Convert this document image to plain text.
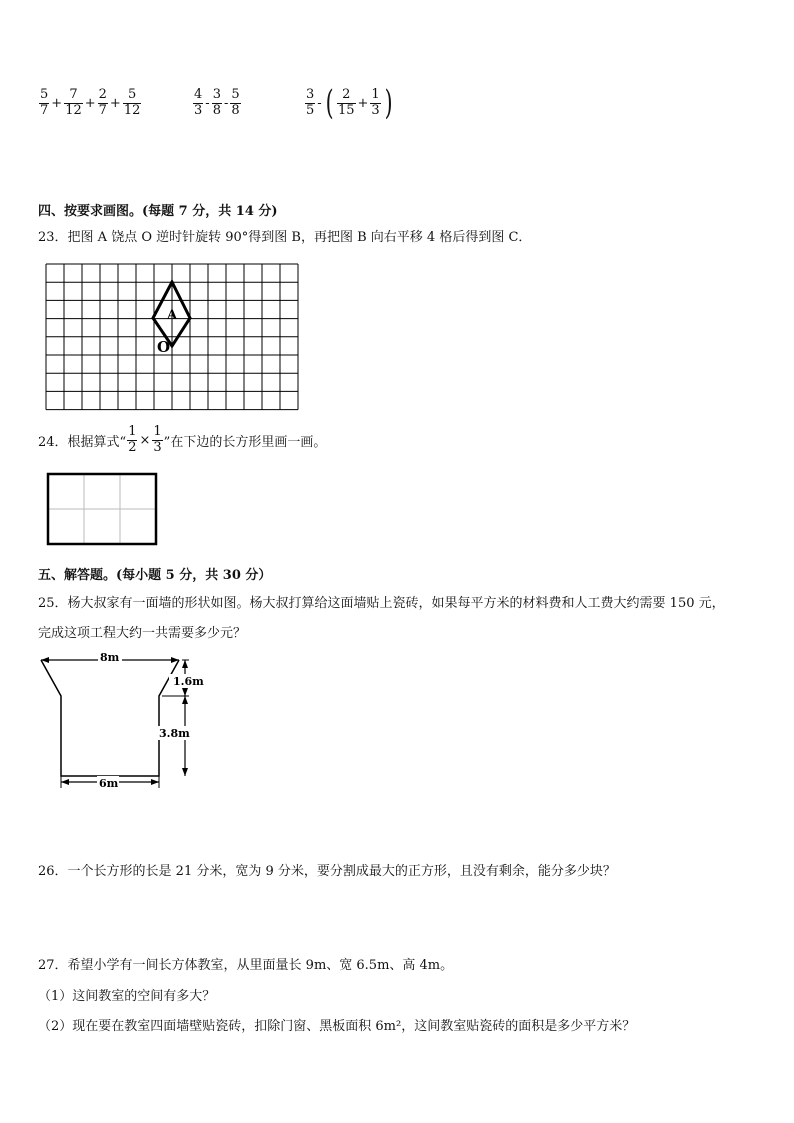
$\frac{5}{7} + \frac{7}{12} + \frac{2}{7} + \frac{5}{12}$	$\frac{4}{3} - \frac{3}{8} - \frac{5}{8}$	$\frac{3}{5}$ - ( $\frac{2}{15} + \frac{1}{3}$ )
四、按要求画图。(每题 7 分，共 14 分)
23．把图 A 饶点 O 逆时针旋转 90°得到图 B，再把图 B 向右平移 4 格后得到图 C．
A
O
24．根据算式“ $\frac{1}{2} \times \frac{1}{3}$ ”在下边的长方形里画一画。
五、解答题。(每小题 5 分，共 30 分）
25．杨大叔家有一面墙的形状如图。杨大叔打算给这面墙贴上瓷砖，如果每平方米的材料费和人工费大约需要 150 元，
完成这项工程大约一共需要多少元？
8m
1.6m
3.8m
6m
26．一个长方形的长是 21 分米，宽为 9 分米，要分割成最大的正方形，且没有剩余，能分多少块？
27．希望小学有一间长方体教室，从里面量长 9m、宽 6.5m、高 4m。
（1）这间教室的空间有多大？
（2）现在要在教室四面墙壁贴瓷砖，扣除门窗、黑板面积 6m²，这间教室贴瓷砖的面积是多少平方米？
